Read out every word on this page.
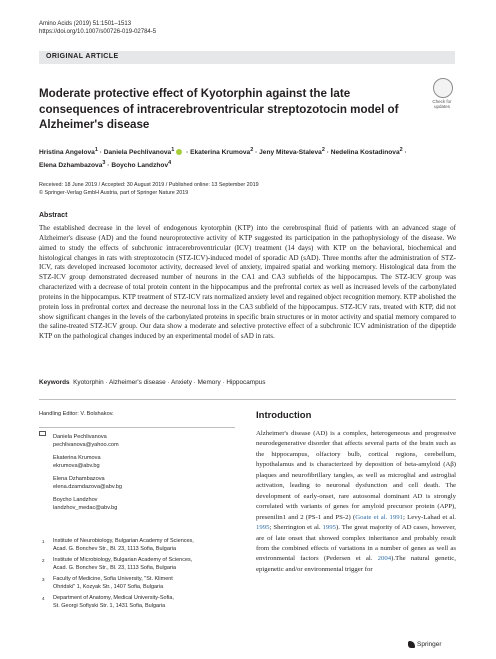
Amino Acids (2019) 51:1501–1513
https://doi.org/10.1007/s00726-019-02784-5
ORIGINAL ARTICLE
Check for
updates
Moderate protective effect of Kyotorphin against the late consequences of intracerebroventricular streptozotocin model of Alzheimer's disease
Hristina Angelova$^1$ · Daniela Pechlivanova$^1$ · Ekaterina Krumova$^2$ · Jeny Miteva-Staleva$^2$ · Nedelina Kostadinova$^2$ ·
Elena Dzhambazova$^3$ · Boycho Landzhov$^4$
Received: 18 June 2019 / Accepted: 30 August 2019 / Published online: 13 September 2019
© Springer-Verlag GmbH Austria, part of Springer Nature 2019
Abstract
The established decrease in the level of endogenous kyotorphin (KTP) into the cerebrospinal fluid of patients with an advanced stage of Alzheimer's disease (AD) and the found neuroprotective activity of KTP suggested its participation in the pathophysiology of the disease. We aimed to study the effects of subchronic intracerebroventricular (ICV) treatment (14 days) with KTP on the behavioral, biochemical and histological changes in rats with streptozotocin (STZ-ICV)-induced model of sporadic AD (sAD). Three months after the administration of STZ-ICV, rats developed increased locomotor activity, decreased level of anxiety, impaired spatial and working memory. Histological data from the STZ-ICV group demonstrated decreased number of neurons in the CA1 and CA3 subfields of the hippocampus. The STZ-ICV group was characterized with a decrease of total protein content in the hippocampus and the prefrontal cortex as well as increased levels of the carbonylated proteins in the hippocampus. KTP treatment of STZ-ICV rats normalized anxiety level and regained object recognition memory. KTP abolished the protein loss in prefrontal cortex and decrease the neuronal loss in the CA3 subfield of the hippocampus. STZ-ICV rats, treated with KTP, did not show significant changes in the levels of the carbonylated proteins in specific brain structures or in motor activity and spatial memory compared to the saline-treated STZ-ICV group. Our data show a moderate and selective protective effect of a subchronic ICV administration of the dipeptide KTP on the pathological changes induced by an experimental model of sAD in rats.
Keywords Kyotorphin · Alzheimer's disease · Anxiety · Memory · Hippocampus
Handling Editor: V. Bolshakov.
Daniela Pechlivanova
pechlivanova@yahoo.com
Ekaterina Krumova
ekrumova@abv.bg
Elena Dzhambazova
elena.dzamdazova@abv.bg
Boycho Landzhov
landzhov_medac@abv.bg
1 Institute of Neurobiology, Bulgarian Academy of Sciences,
Acad. G. Bonchev Str., Bl. 23, 1113 Sofia, Bulgaria
2 Institute of Microbiology, Bulgarian Academy of Sciences,
Acad. G. Bonchev Str., Bl. 23, 1113 Sofia, Bulgaria
3 Faculty of Medicine, Sofia University, "St. Kliment
Ohridski" 1, Kozyak Str., 1407 Sofia, Bulgaria
4 Department of Anatomy, Medical University-Sofia,
St. Georgi Sofiyski Str. 1, 1431 Sofia, Bulgaria
Introduction
Alzheimer's disease (AD) is a complex, heterogeneous and progressive neurodegenerative disorder that affects several parts of the brain such as the hippocampus, olfactory bulb, cortical regions, cerebellum, hypothalamus and is characterized by deposition of beta-amyloid (Aβ) plaques and neurofibrillary tangles, as well as microglial and astroglial activation, leading to neuronal dysfunction and cell death. The development of early-onset, rare autosomal dominant AD is strongly correlated with variants of genes for amyloid precursor protein (APP), presenilin1 and 2 (PS-1 and PS-2) (Goate et al. 1991; Levy-Lahad et al. 1995; Sherrington et al. 1995). The great majority of AD cases, however, are of late onset that showed complex inheritance and probably result from the combined effects of variations in a number of genes as well as environmental factors (Pedersen et al. 2004).The natural genetic, epigenetic and/or environmental trigger for
Springer
